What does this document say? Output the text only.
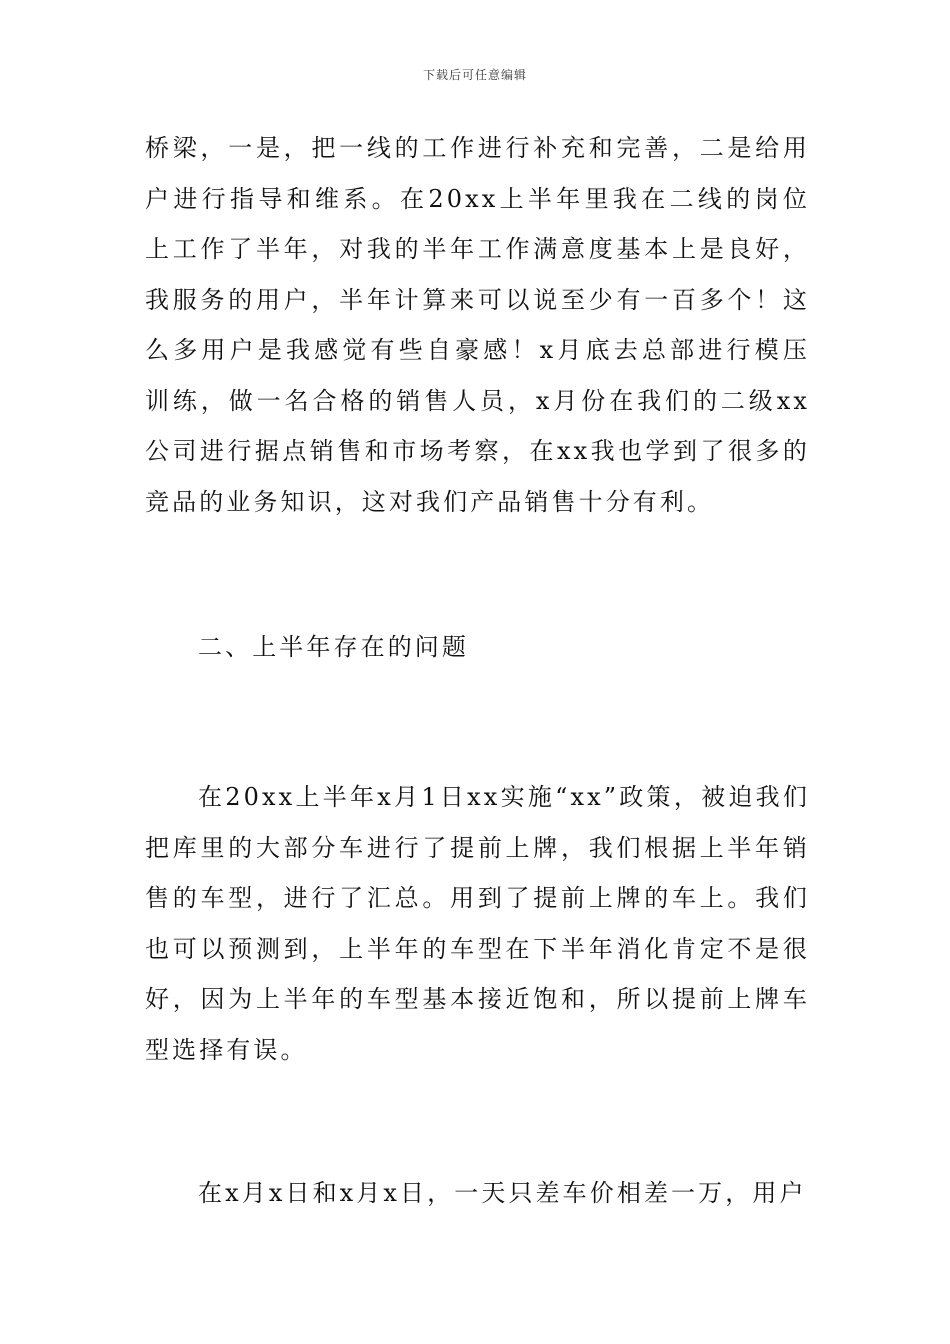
下载后可任意编辑

桥梁，一是，把一线的工作进行补充和完善，二是给用户进行指导和维系。在20xx上半年里我在二线的岗位上工作了半年，对我的半年工作满意度基本上是良好，我服务的用户，半年计算来可以说至少有一百多个！这么多用户是我感觉有些自豪感！x月底去总部进行模压训练，做一名合格的销售人员，x月份在我们的二级xx公司进行据点销售和市场考察，在xx我也学到了很多的竞品的业务知识，这对我们产品销售十分有利。

二、上半年存在的问题

在20xx上半年x月1日xx实施“xx”政策，被迫我们把库里的大部分车进行了提前上牌，我们根据上半年销售的车型，进行了汇总。用到了提前上牌的车上。我们也可以预测到，上半年的车型在下半年消化肯定不是很好，因为上半年的车型基本接近饱和，所以提前上牌车型选择有误。

在x月x日和x月x日，一天只差车价相差一万，用户
